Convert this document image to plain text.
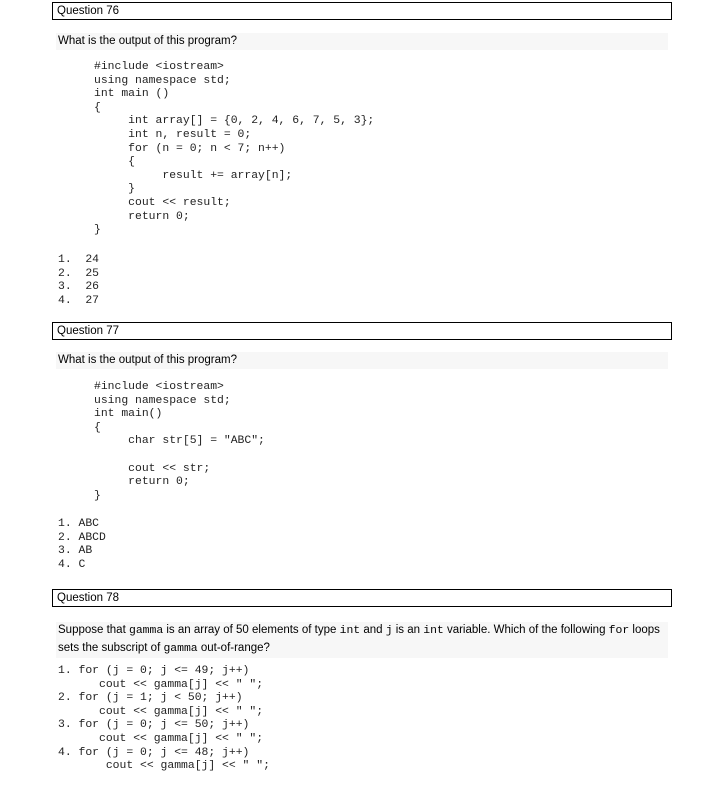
Question 76
What is the output of this program?
#include <iostream>
using namespace std;
int main ()
{
int array[] = {0, 2, 4, 6, 7, 5, 3};
int n, result = 0;
for (n = 0; n < 7; n++)
{
result += array[n];
}
cout << result;
return 0;
}
1.  24
2.  25
3.  26
4.  27
Question 77
What is the output of this program?
#include <iostream>
using namespace std;
int main()
{
char str[5] = "ABC";

cout << str;
return 0;
}
1. ABC
2. ABCD
3. AB
4. C
Question 78
Suppose that gamma is an array of 50 elements of type int and j is an int variable. Which of the following for loops sets the subscript of gamma out-of-range?
1. for (j = 0; j <= 49; j++)
cout << gamma[j] << " ";
2. for (j = 1; j < 50; j++)
cout << gamma[j] << " ";
3. for (j = 0; j <= 50; j++)
cout << gamma[j] << " ";
4. for (j = 0; j <= 48; j++)
cout << gamma[j] << " ";
